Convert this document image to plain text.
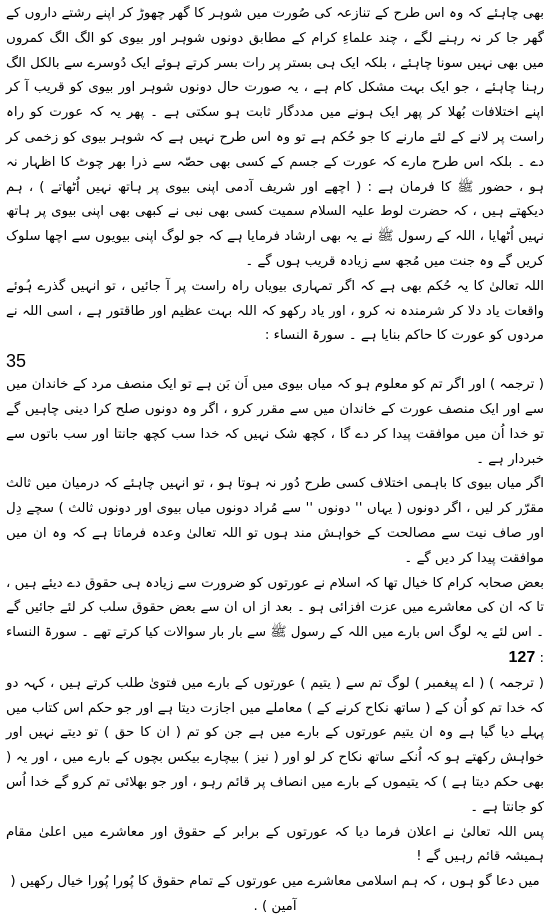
بھی چاہئے کہ وہ اس طرح کے تنازعہ کی صُورت میں شوہر کا گھر چھوڑ کر اپنے رشتے داروں کے گھر جا کر نہ رہنے لگے ، چند علماءِ کرام کے مطابق دونوں شوہر اور بیوی کو الگ الگ کمروں میں بھی نہیں سونا چاہئے ، بلکہ ایک ہی بستر پر رات بسر کرتے ہوئے ایک دُوسرے سے بالکل الگ رہنا چاہئے ، جو ایک بہت مشکل کام ہے ، یہ صورت حال دونوں شوہر اور بیوی کو قریب آ کر اپنے اختلافات بُھلا کر پھر ایک ہونے میں مددگار ثابت ہو سکتی ہے ۔ پھر یہ کہ عورت کو راہ راست پر لانے کے لئے مارنے کا جو حُکم ہے تو وہ اس طرح نہیں ہے کہ شوہر بیوی کو زخمی کر دے ۔ بلکہ اس طرح مارے کہ عورت کے جسم کے کسی بھی حصّہ سے ذرا بھر چوٹ کا اظہار نہ ہو ، حضور ﷺ کا فرمان ہے : ( اچھے اور شریف آدمی اپنی بیوی پر ہاتھ نہیں اُٹھاتے ) ، ہم دیکھتے ہیں ، کہ حضرت لوط علیہ السلام سمیت کسی بھی نبی نے کبھی بھی اپنی بیوی پر ہاتھ نہیں اُٹھایا ، اللہ کے رسول ﷺ نے یہ بھی ارشاد فرمایا ہے کہ جو لوگ اپنی بیویوں سے اچھا سلوک کریں گے وہ جنت میں مُجھ سے زیادہ قریب ہوں گے ۔

اللہ تعالیٰ کا یہ حُکم بھی ہے کہ اگر تمہاری بیویاں راہ راست پر آ جائیں ، تو انہیں گذرے ہُوئے واقعات یاد دلا کر شرمندہ نہ کرو ، اور یاد رکھو کہ اللہ بہت عظیم اور طاقتور ہے ، اسی اللہ نے مردوں کو عورت کا حاکم بنایا ہے ۔ سورۃ النساء :

35

( ترجمہ ) اور اگر تم کو معلوم ہو کہ میاں بیوی میں اَن بَن ہے تو ایک منصف مرد کے خاندان میں سے اور ایک منصف عورت کے خاندان میں سے مقرر کرو ، اگر وہ دونوں صلح کرا دینی چاہیں گے تو خدا اُن میں موافقت پیدا کر دے گا ، کچھ شک نہیں کہ خدا سب کچھ جانتا اور سب باتوں سے خبردار ہے ۔

اگر میاں بیوی کا باہمی اختلاف کسی طرح دُور نہ ہوتا ہو ، تو انہیں چاہئے کہ درمیان میں ثالث مقرّر کر لیں ، اگر دونوں ( یہاں '' دونوں '' سے مُراد دونوں میاں بیوی اور دونوں ثالث ) سچے دِل اور صاف نیت سے مصالحت کے خواہش مند ہوں تو اللہ تعالیٰ وعدہ فرماتا ہے کہ وہ ان میں موافقت پیدا کر دیں گے ۔

بعض صحابہ کرام کا خیال تھا کہ اسلام نے عورتوں کو ضرورت سے زیادہ ہی حقوق دے دیئے ہیں ، تا کہ ان کی معاشرے میں عزت افزائی ہو ۔ بعد از اں ان سے بعض حقوق سلب کر لئے جائیں گے ۔ اس لئے یہ لوگ اس بارے میں اللہ کے رسول ﷺ سے بار بار سوالات کیا کرتے تھے ۔ سورۃ النساء : 127

( ترجمہ ) ( اے پیغمبر ) لوگ تم سے ( یتیم ) عورتوں کے بارے میں فتویٰ طلب کرتے ہیں ، کہہ دو کہ خدا تم کو اُن کے ( ساتھ نکاح کرنے کے ) معاملے میں اجازت دیتا ہے اور جو حکم اس کتاب میں پہلے دیا گیا ہے وہ ان یتیم عورتوں کے بارے میں ہے جن کو تم ( ان کا حق ) تو دیتے نہیں اور خواہش رکھتے ہو کہ اُنکے ساتھ نکاح کر لو اور ( نیز ) بیچارے بیکس بچوں کے بارے میں ، اور یہ ( بھی حکم دیتا ہے ) کہ یتیموں کے بارے میں انصاف پر قائم رہو ، اور جو بھلائی تم کرو گے خدا اُس کو جانتا ہے ۔

پس اللہ تعالیٰ نے اعلان فرما دیا کہ عورتوں کے برابر کے حقوق اور معاشرے میں اعلیٰ مقام ہمیشہ قائم رہیں گے !

میں دعا گو ہوں ، کہ ہم اسلامی معاشرے میں عورتوں کے تمام حقوق کا پُورا پُورا خیال رکھیں ( آمین ) .
